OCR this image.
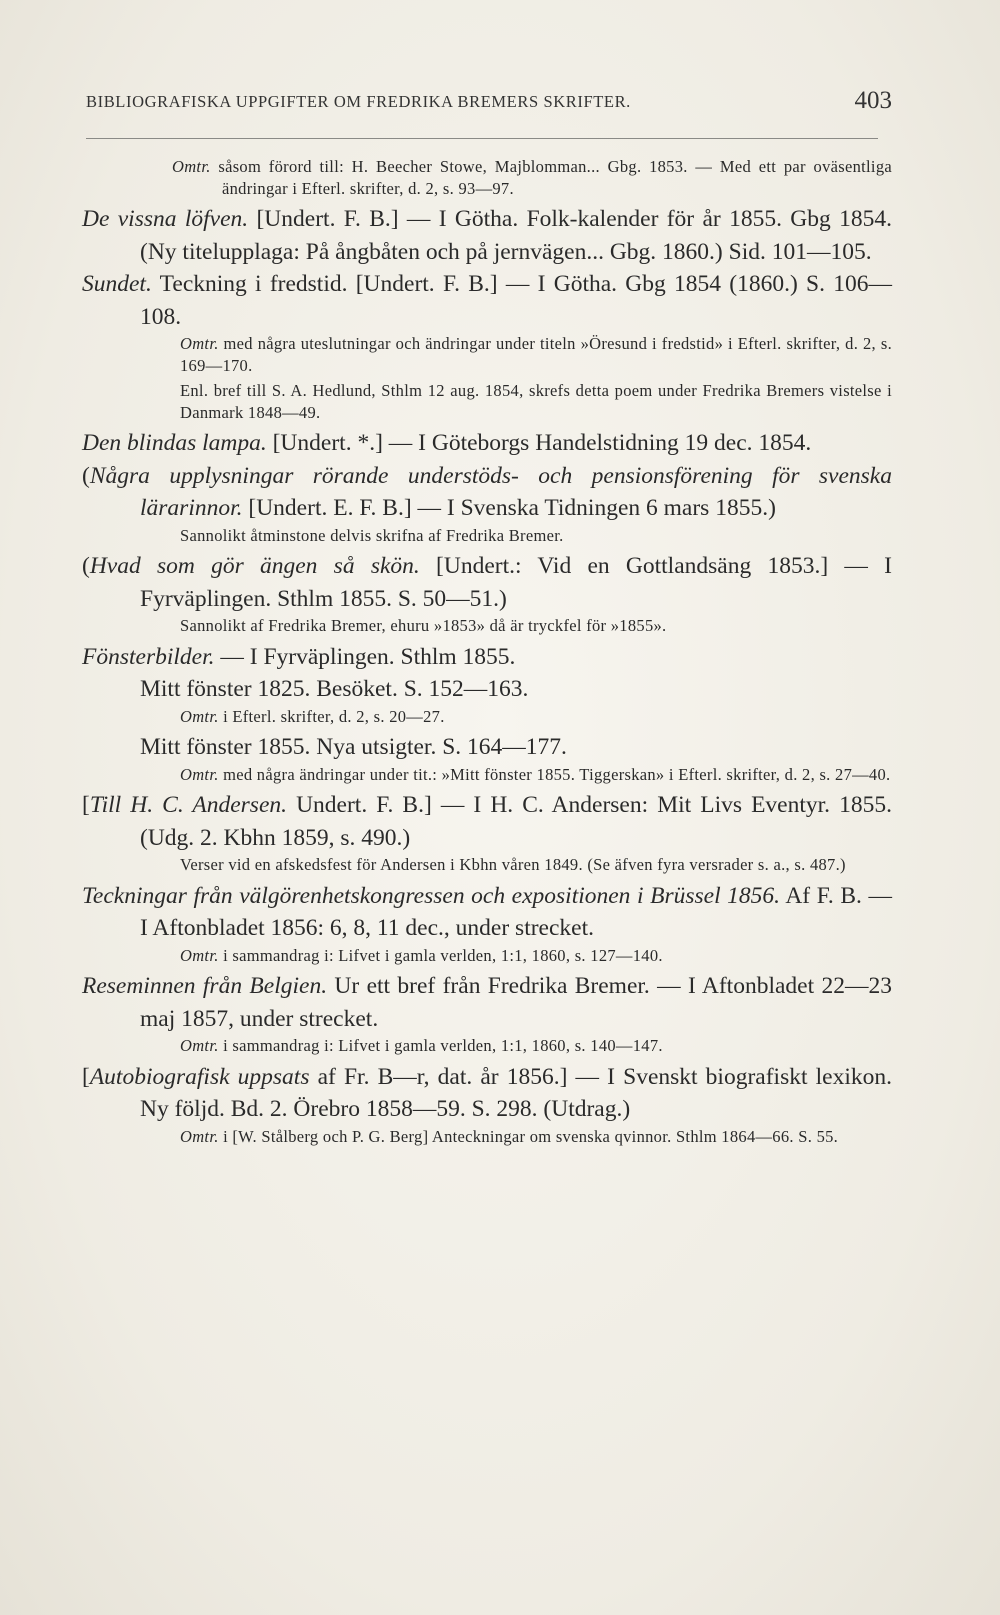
BIBLIOGRAFISKA UPPGIFTER OM FREDRIKA BREMERS SKRIFTER.	403

Omtr. såsom förord till: H. Beecher Stowe, Majblomman... Gbg. 1853. — Med ett par oväsentliga ändringar i Efterl. skrifter, d. 2, s. 93—97.

De vissna löfven. [Undert. F. B.] — I Götha. Folk-kalender för år 1855. Gbg 1854. (Ny titelupplaga: På ångbåten och på jernvägen... Gbg. 1860.) Sid. 101—105.

Sundet. Teckning i fredstid. [Undert. F. B.] — I Götha. Gbg 1854 (1860.) S. 106—108.

Omtr. med några uteslutningar och ändringar under titeln »Öresund i fredstid» i Efterl. skrifter, d. 2, s. 169—170.

Enl. bref till S. A. Hedlund, Sthlm 12 aug. 1854, skrefs detta poem under Fredrika Bremers vistelse i Danmark 1848—49.

Den blindas lampa. [Undert. *.] — I Göteborgs Handelstidning 19 dec. 1854.

(Några upplysningar rörande understöds- och pensionsförening för svenska lärarinnor. [Undert. E. F. B.] — I Svenska Tidningen 6 mars 1855.)

Sannolikt åtminstone delvis skrifna af Fredrika Bremer.

(Hvad som gör ängen så skön. [Undert.: Vid en Gottlandsäng 1853.] — I Fyrväplingen. Sthlm 1855. S. 50—51.)

Sannolikt af Fredrika Bremer, ehuru »1853» då är tryckfel för »1855».

Fönsterbilder. — I Fyrväplingen. Sthlm 1855.

Mitt fönster 1825. Besöket. S. 152—163.

Omtr. i Efterl. skrifter, d. 2, s. 20—27.

Mitt fönster 1855. Nya utsigter. S. 164—177.

Omtr. med några ändringar under tit.: »Mitt fönster 1855. Tiggerskan» i Efterl. skrifter, d. 2, s. 27—40.

[Till H. C. Andersen. Undert. F. B.] — I H. C. Andersen: Mit Livs Eventyr. 1855. (Udg. 2. Kbhn 1859, s. 490.)

Verser vid en afskedsfest för Andersen i Kbhn våren 1849. (Se äfven fyra versrader s. a., s. 487.)

Teckningar från välgörenhetskongressen och expositionen i Brüssel 1856. Af F. B. — I Aftonbladet 1856: 6, 8, 11 dec., under strecket.

Omtr. i sammandrag i: Lifvet i gamla verlden, 1:1, 1860, s. 127—140.

Reseminnen från Belgien. Ur ett bref från Fredrika Bremer. — I Aftonbladet 22—23 maj 1857, under strecket.

Omtr. i sammandrag i: Lifvet i gamla verlden, 1:1, 1860, s. 140—147.

[Autobiografisk uppsats af Fr. B—r, dat. år 1856.] — I Svenskt biografiskt lexikon. Ny följd. Bd. 2. Örebro 1858—59. S. 298. (Utdrag.)

Omtr. i [W. Stålberg och P. G. Berg] Anteckningar om svenska qvinnor. Sthlm 1864—66. S. 55.
